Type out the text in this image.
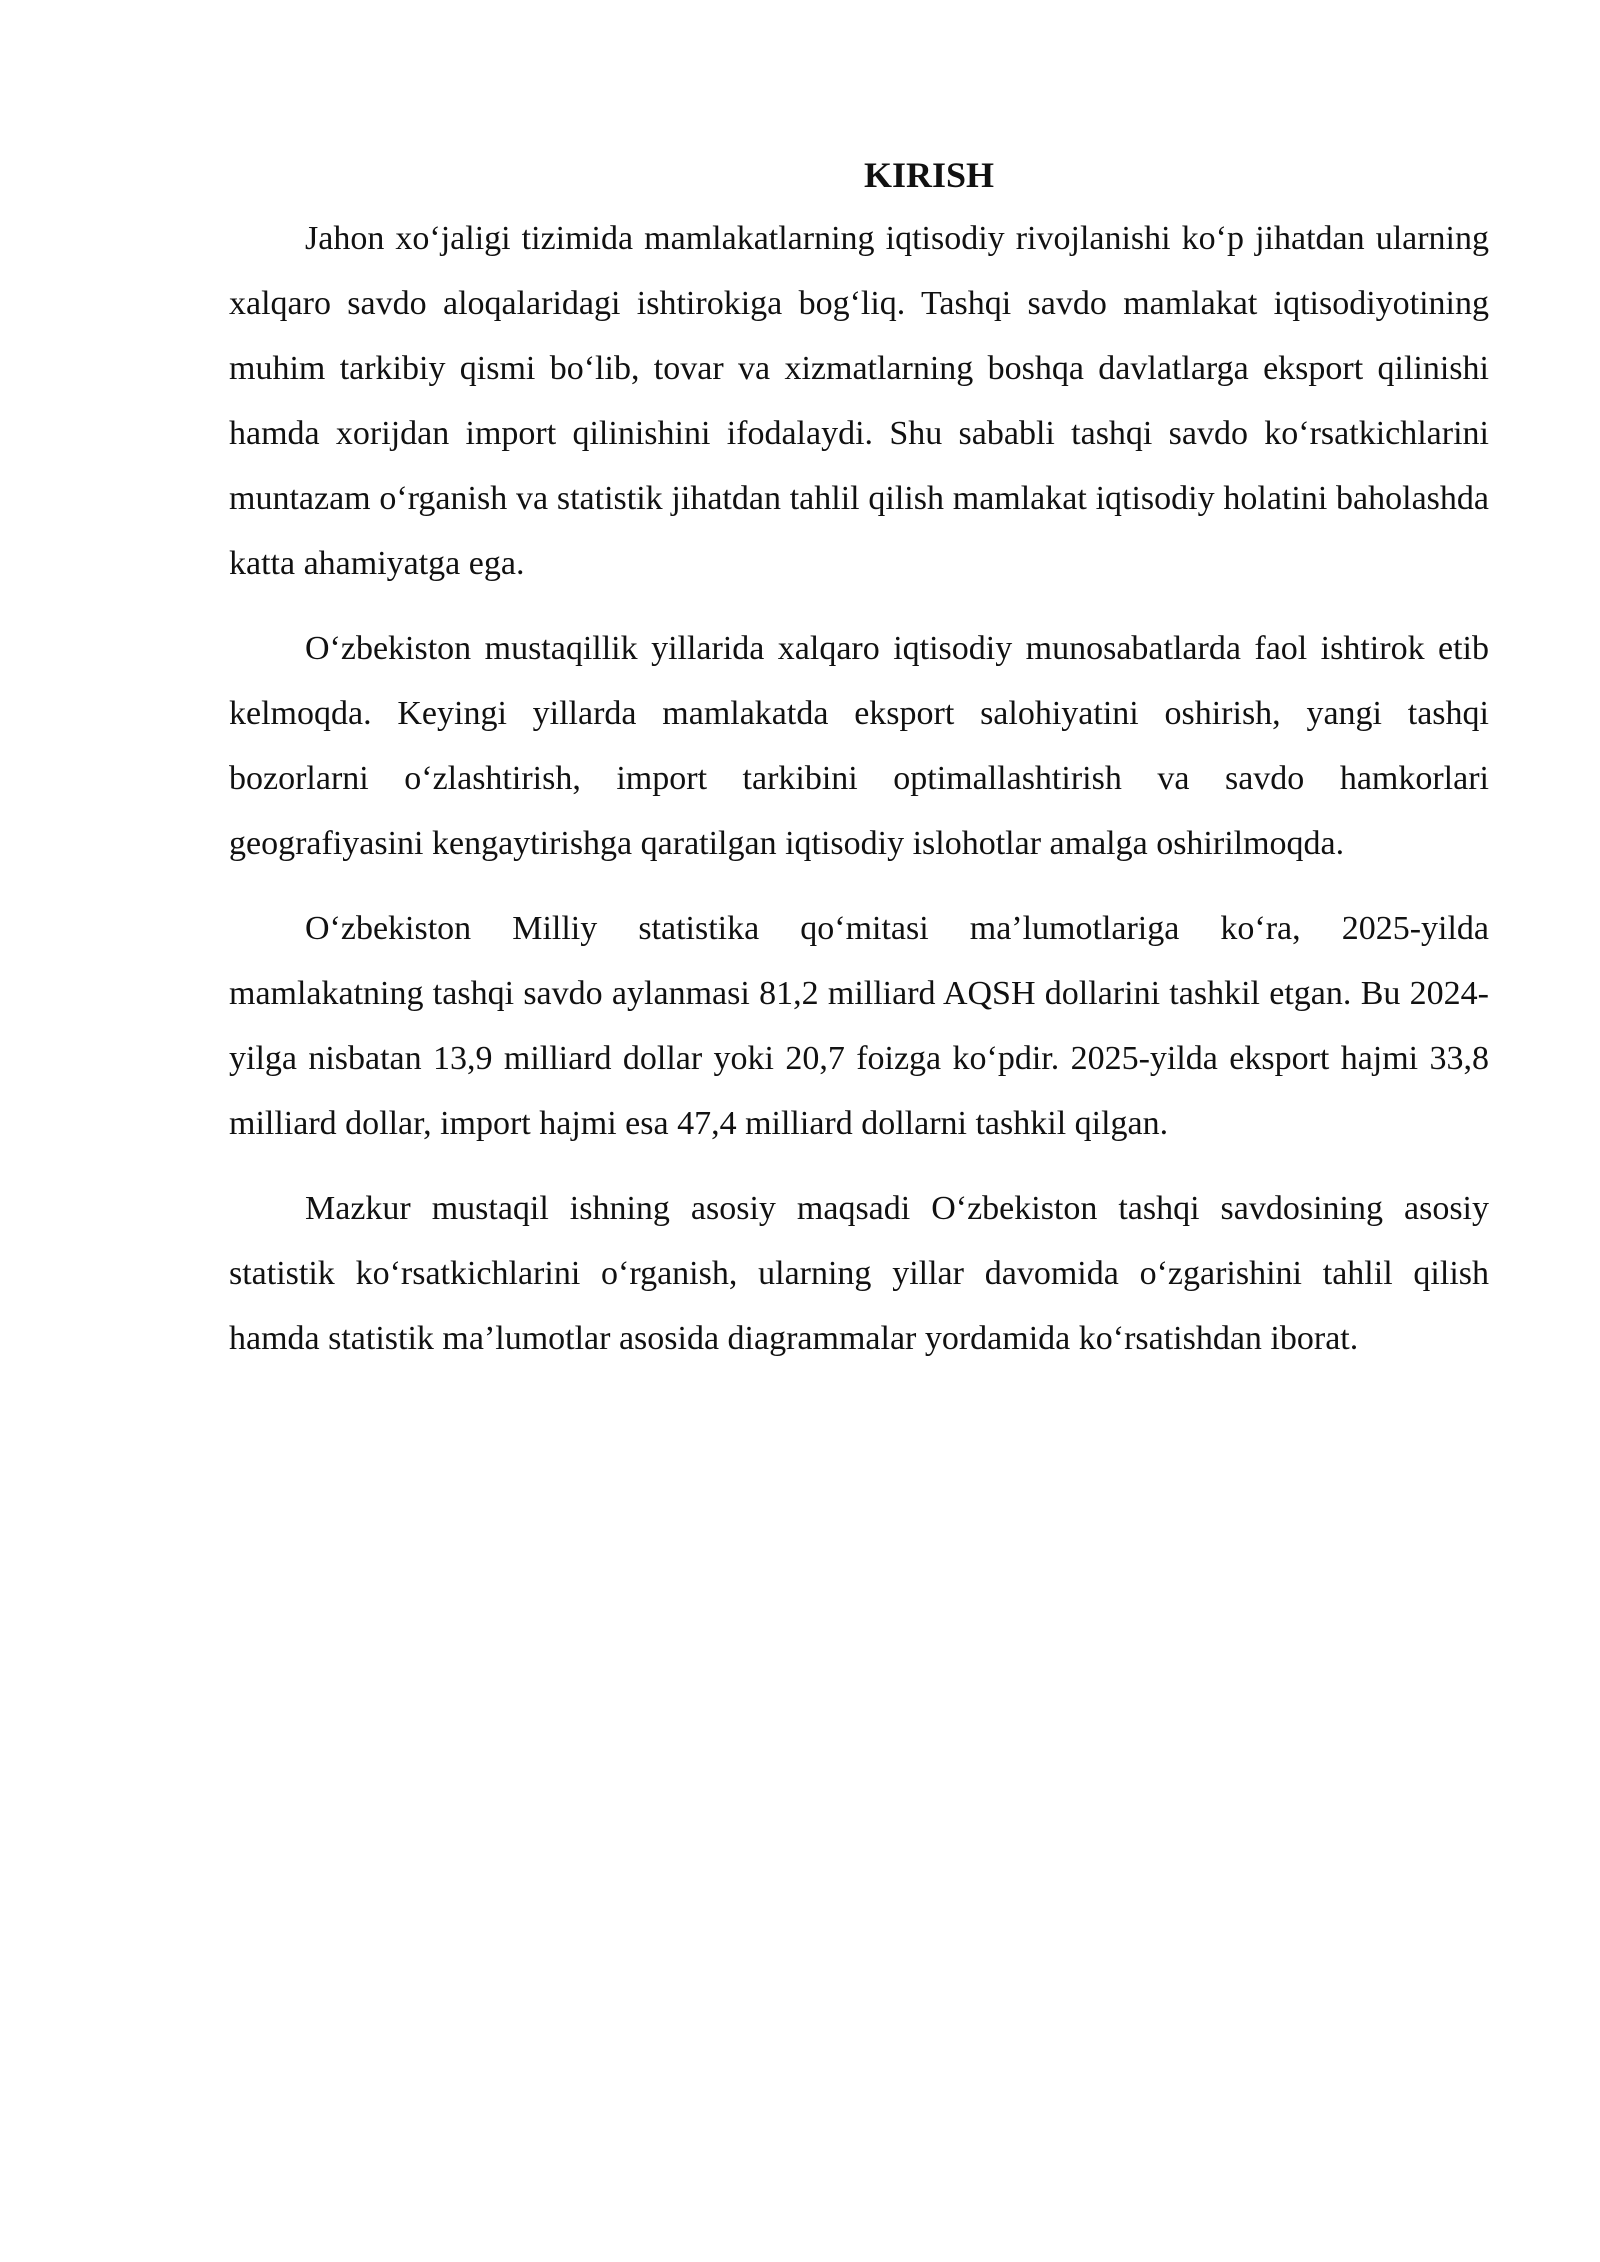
KIRISH

Jahon xo‘jaligi tizimida mamlakatlarning iqtisodiy rivojlanishi ko‘p jihatdan ularning xalqaro savdo aloqalaridagi ishtirokiga bog‘liq. Tashqi savdo mamlakat iqtisodiyotining muhim tarkibiy qismi bo‘lib, tovar va xizmatlarning boshqa davlatlarga eksport qilinishi hamda xorijdan import qilinishini ifodalaydi. Shu sababli tashqi savdo ko‘rsatkichlarini muntazam o‘rganish va statistik jihatdan tahlil qilish mamlakat iqtisodiy holatini baholashda katta ahamiyatga ega.

O‘zbekiston mustaqillik yillarida xalqaro iqtisodiy munosabatlarda faol ishtirok etib kelmoqda. Keyingi yillarda mamlakatda eksport salohiyatini oshirish, yangi tashqi bozorlarni o‘zlashtirish, import tarkibini optimallashtirish va savdo hamkorlari geografiyasini kengaytirishga qaratilgan iqtisodiy islohotlar amalga oshirilmoqda.

O‘zbekiston Milliy statistika qo‘mitasi ma’lumotlariga ko‘ra, 2025-yilda mamlakatning tashqi savdo aylanmasi 81,2 milliard AQSH dollarini tashkil etgan. Bu 2024-yilga nisbatan 13,9 milliard dollar yoki 20,7 foizga ko‘pdir. 2025-yilda eksport hajmi 33,8 milliard dollar, import hajmi esa 47,4 milliard dollarni tashkil qilgan.

Mazkur mustaqil ishning asosiy maqsadi O‘zbekiston tashqi savdosining asosiy statistik ko‘rsatkichlarini o‘rganish, ularning yillar davomida o‘zgarishini tahlil qilish hamda statistik ma’lumotlar asosida diagrammalar yordamida ko‘rsatishdan iborat.
